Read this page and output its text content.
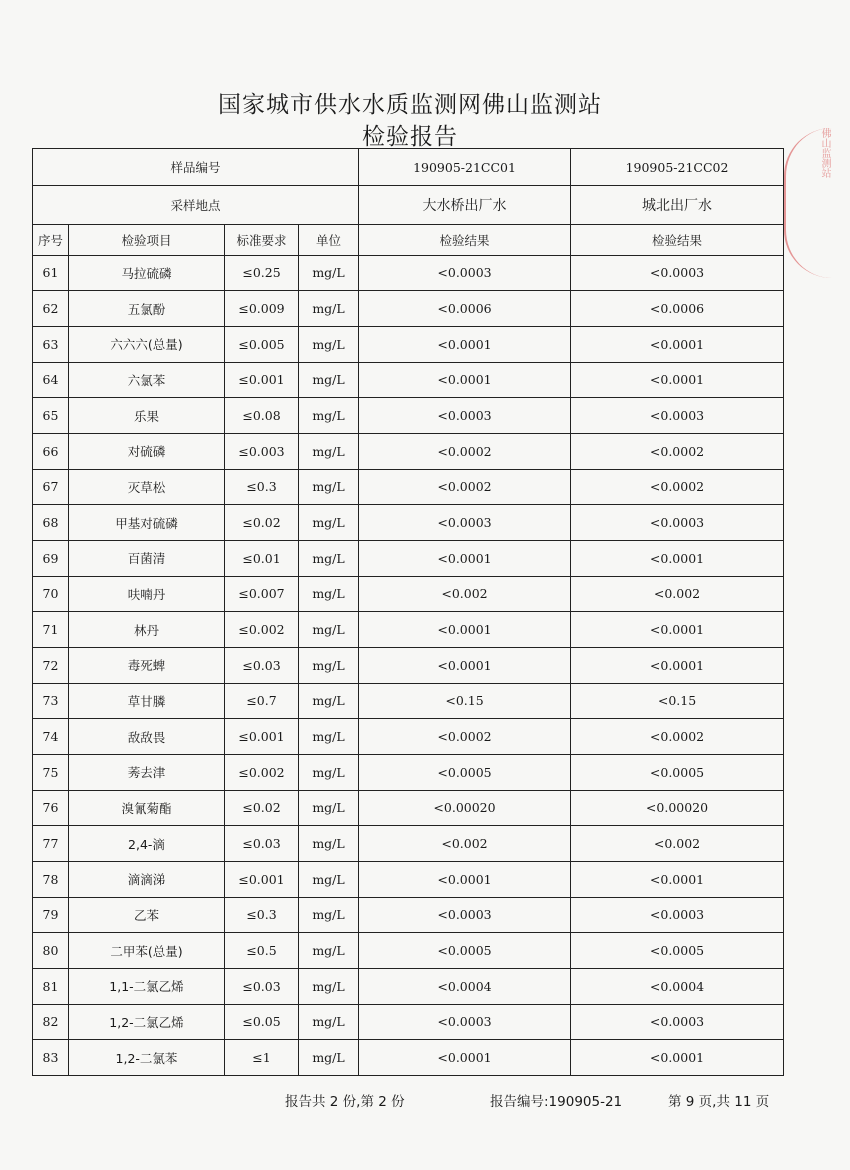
国家城市供水水质监测网佛山监测站
检验报告	佛山监测站
样品编号				190905-21CC01	190905-21CC02
采样地点				大水桥出厂水	城北出厂水
序号	检验项目	标准要求	单位	检验结果	检验结果
61	马拉硫磷	≤0.25	mg/L	<0.0003	<0.0003
62	五氯酚	≤0.009	mg/L	<0.0006	<0.0006
63	六六六(总量)	≤0.005	mg/L	<0.0001	<0.0001
64	六氯苯	≤0.001	mg/L	<0.0001	<0.0001
65	乐果	≤0.08	mg/L	<0.0003	<0.0003
66	对硫磷	≤0.003	mg/L	<0.0002	<0.0002
67	灭草松	≤0.3	mg/L	<0.0002	<0.0002
68	甲基对硫磷	≤0.02	mg/L	<0.0003	<0.0003
69	百菌清	≤0.01	mg/L	<0.0001	<0.0001
70	呋喃丹	≤0.007	mg/L	<0.002	<0.002
71	林丹	≤0.002	mg/L	<0.0001	<0.0001
72	毒死蜱	≤0.03	mg/L	<0.0001	<0.0001
73	草甘膦	≤0.7	mg/L	<0.15	<0.15
74	敌敌畏	≤0.001	mg/L	<0.0002	<0.0002
75	莠去津	≤0.002	mg/L	<0.0005	<0.0005
76	溴氰菊酯	≤0.02	mg/L	<0.00020	<0.00020
77	2,4-滴	≤0.03	mg/L	<0.002	<0.002
78	滴滴涕	≤0.001	mg/L	<0.0001	<0.0001
79	乙苯	≤0.3	mg/L	<0.0003	<0.0003
80	二甲苯(总量)	≤0.5	mg/L	<0.0005	<0.0005
81	1,1-二氯乙烯	≤0.03	mg/L	<0.0004	<0.0004
82	1,2-二氯乙烯	≤0.05	mg/L	<0.0003	<0.0003
83	1,2-二氯苯	≤1	mg/L	<0.0001	<0.0001
报告共 2 份,第 2 份	报告编号:190905-21	第 9 页,共 11 页
